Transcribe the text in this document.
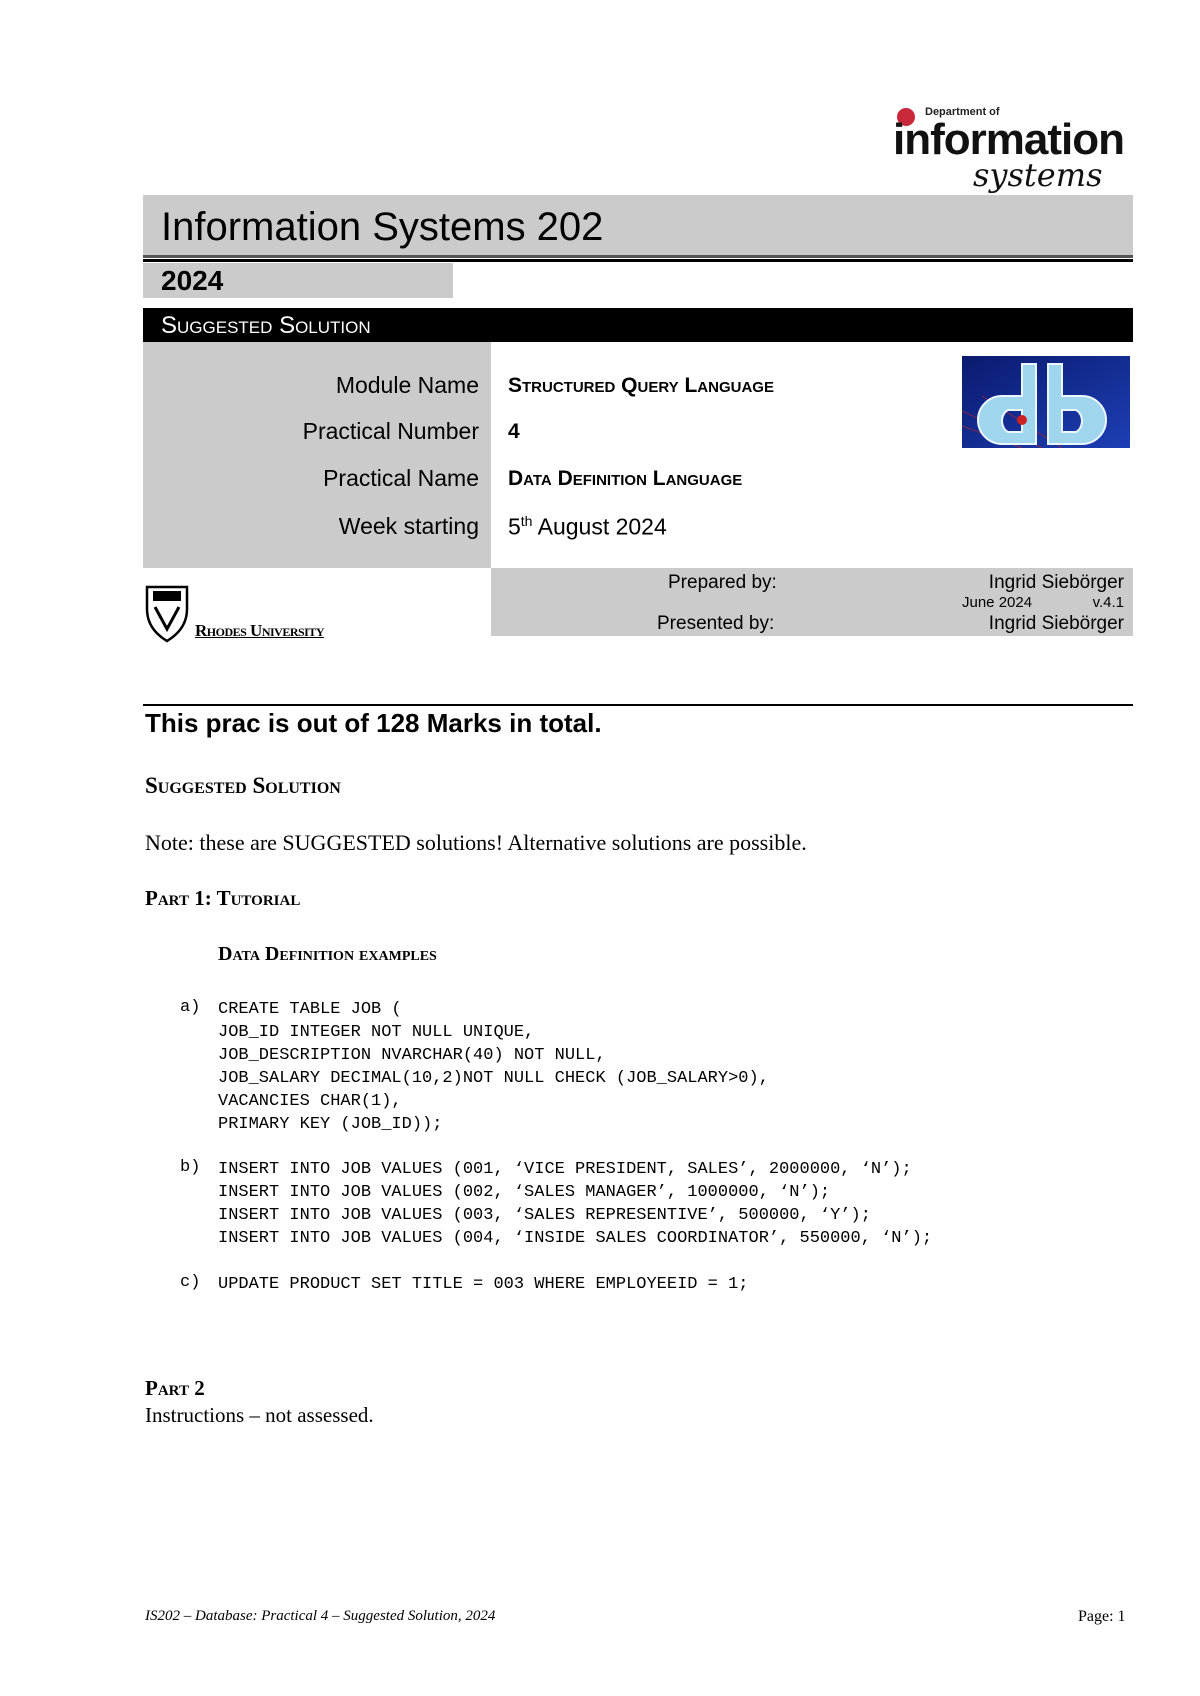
Department of
information
systems
Information Systems 202
2024
Suggested Solution
Module Name Structured Query Language
Practical Number 4
Practical Name Data Definition Language
Week starting 5th August 2024
Prepared by:	Ingrid Siebörger
June 2024	v.4.1
Presented by:	Ingrid Siebörger
Rhodes University
This prac is out of 128 Marks in total.
Suggested Solution
Note: these are SUGGESTED solutions! Alternative solutions are possible.
Part 1: Tutorial
Data Definition examples
a) CREATE TABLE JOB (
JOB_ID INTEGER NOT NULL UNIQUE,
JOB_DESCRIPTION NVARCHAR(40) NOT NULL,
JOB_SALARY DECIMAL(10,2)NOT NULL CHECK (JOB_SALARY>0),
VACANCIES CHAR(1),
PRIMARY KEY (JOB_ID));
b) INSERT INTO JOB VALUES (001, ‘VICE PRESIDENT, SALES’, 2000000, ‘N’);
INSERT INTO JOB VALUES (002, ‘SALES MANAGER’, 1000000, ‘N’);
INSERT INTO JOB VALUES (003, ‘SALES REPRESENTIVE’, 500000, ‘Y’);
INSERT INTO JOB VALUES (004, ‘INSIDE SALES COORDINATOR’, 550000, ‘N’);
c) UPDATE PRODUCT SET TITLE = 003 WHERE EMPLOYEEID = 1;
Part 2
Instructions – not assessed.
IS202 – Database: Practical 4 – Suggested Solution, 2024	Page: 1
